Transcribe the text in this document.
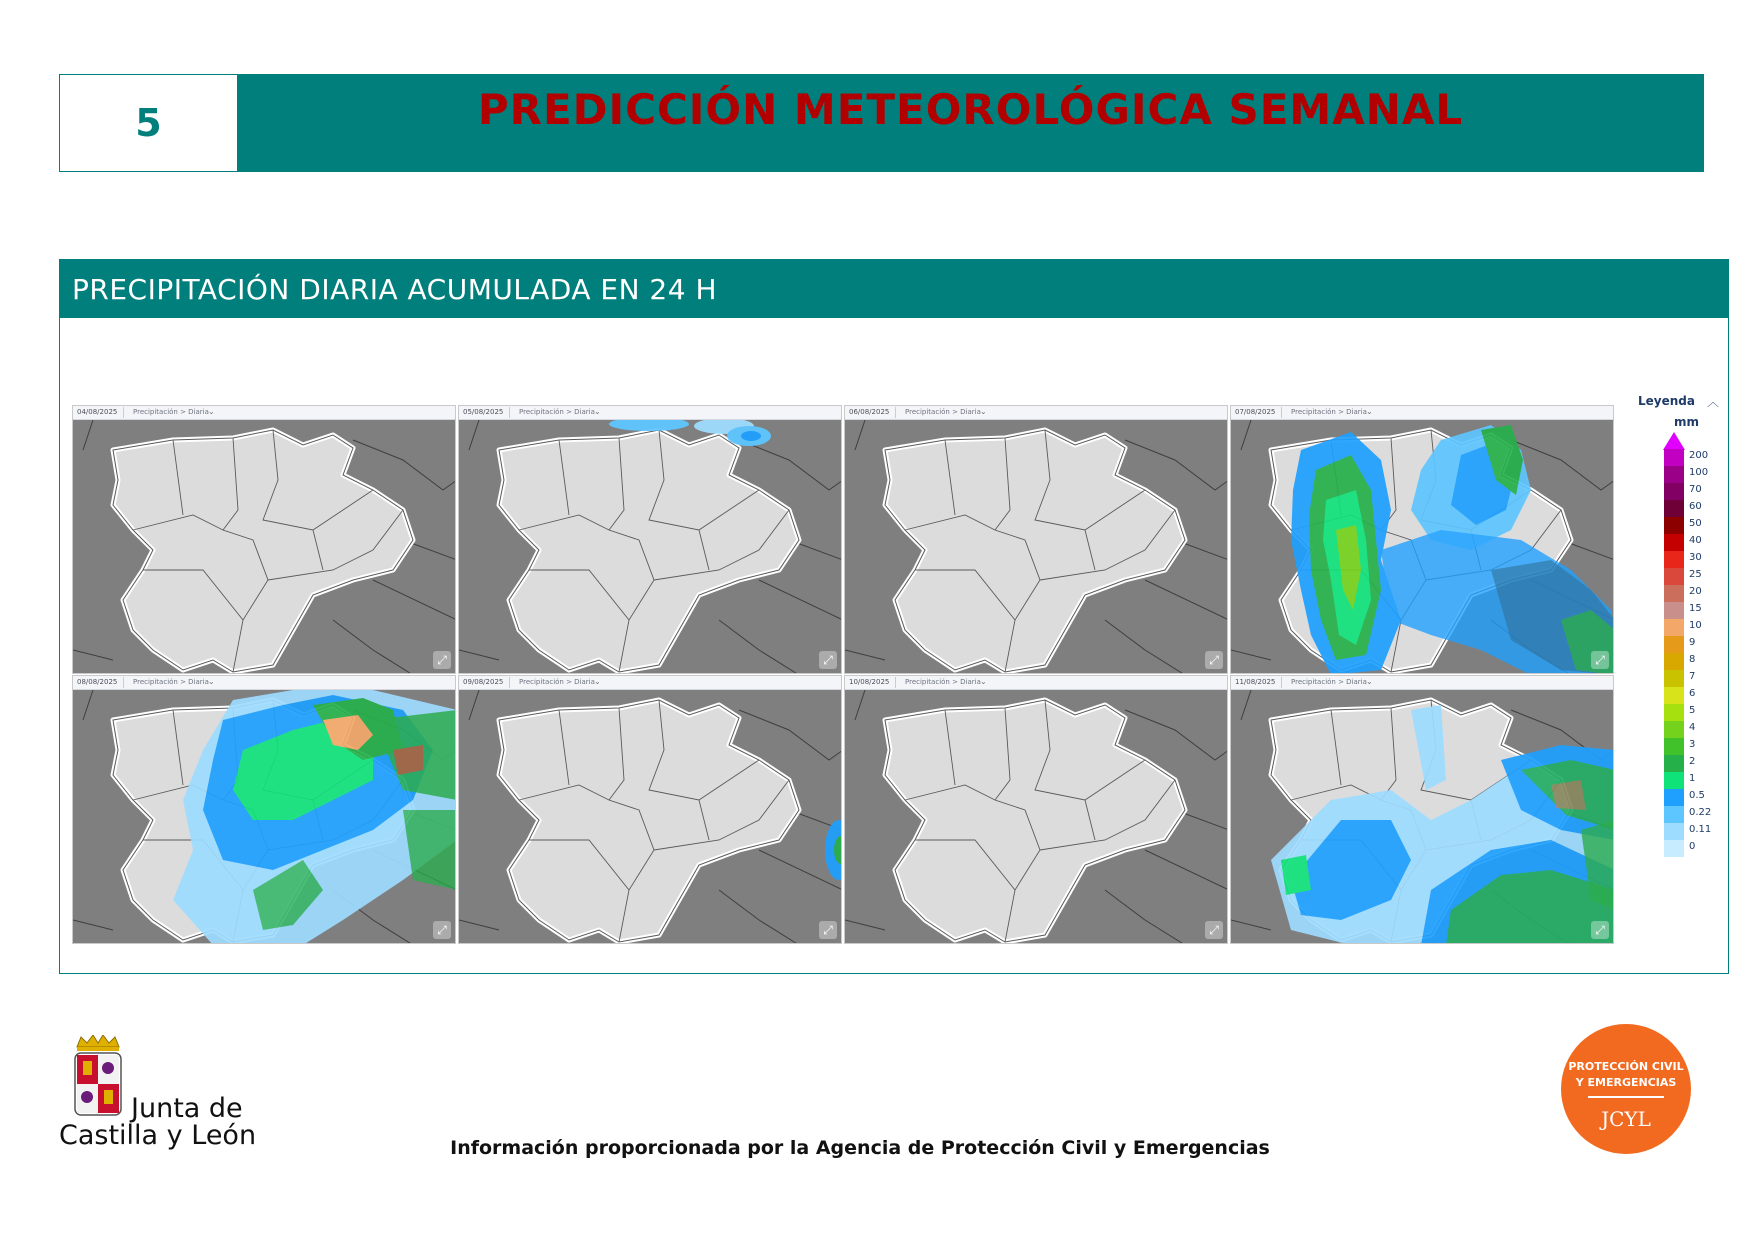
5	PREDICCIÓN METEOROLÓGICA SEMANAL
PRECIPITACIÓN DIARIA ACUMULADA EN 24 H
04/08/2025 Precipitación > Diaria ⌄
⤢
05/08/2025 Precipitación > Diaria ⌄
⤢
06/08/2025 Precipitación > Diaria ⌄
⤢
07/08/2025 Precipitación > Diaria ⌄
⤢
08/08/2025 Precipitación > Diaria ⌄
⤢
09/08/2025 Precipitación > Diaria ⌄
⤢
10/08/2025 Precipitación > Diaria ⌄
⤢
11/08/2025 Precipitación > Diaria ⌄
⤢
Leyenda ︿
mm
200
100
70
60
50
40
30
25
20
15
10
9
8
7
6
5
4
3
2
1
0.5
0.22
0.11
0
Información proporcionada por la Agencia de Protección Civil y Emergencias
Junta de
Castilla y León
PROTECCIÓN CIVIL
Y EMERGENCIAS
JCYL
